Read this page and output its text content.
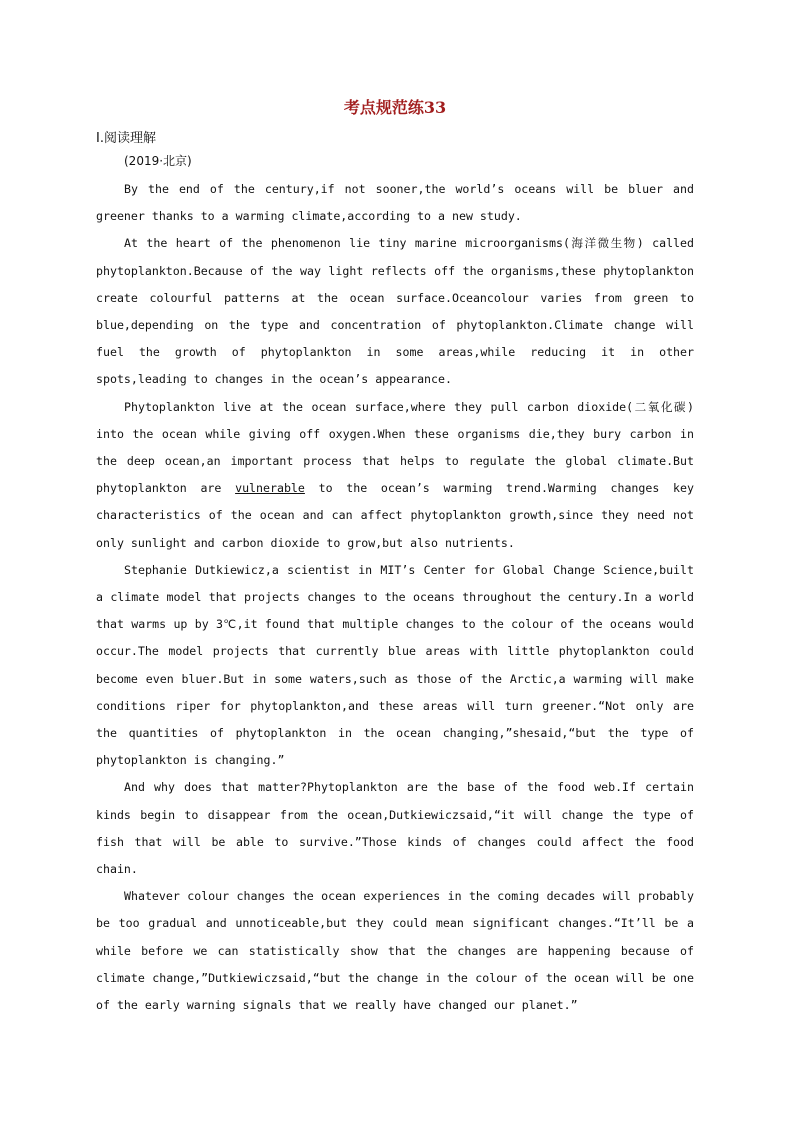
考点规范练33

Ⅰ.阅读理解

(2019·北京)

By the end of the century,if not sooner,the world’s oceans will be bluer and greener thanks to a warming climate,according to a new study.

At the heart of the phenomenon lie tiny marine microorganisms(海洋微生物) called phytoplankton.Because of the way light reflects off the organisms,these phytoplankton create colourful patterns at the ocean surface.Oceancolour varies from green to blue,depending on the type and concentration of phytoplankton.Climate change will fuel the growth of phytoplankton in some areas,while reducing it in other spots,leading to changes in the ocean’s appearance.

Phytoplankton live at the ocean surface,where they pull carbon dioxide(二氧化碳) into the ocean while giving off oxygen.When these organisms die,they bury carbon in the deep ocean,an important process that helps to regulate the global climate.But phytoplankton are vulnerable to the ocean’s warming trend.Warming changes key characteristics of the ocean and can affect phytoplankton growth,since they need not only sunlight and carbon dioxide to grow,but also nutrients.

Stephanie Dutkiewicz,a scientist in MIT’s Center for Global Change Science,built a climate model that projects changes to the oceans throughout the century.In a world that warms up by 3℃,it found that multiple changes to the colour of the oceans would occur.The model projects that currently blue areas with little phytoplankton could become even bluer.But in some waters,such as those of the Arctic,a warming will make conditions riper for phytoplankton,and these areas will turn greener.“Not only are the quantities of phytoplankton in the ocean changing,”shesaid,“but the type of phytoplankton is changing.”

And why does that matter?Phytoplankton are the base of the food web.If certain kinds begin to disappear from the ocean,Dutkiewiczsaid,“it will change the type of fish that will be able to survive.”Those kinds of changes could affect the food chain.

Whatever colour changes the ocean experiences in the coming decades will probably be too gradual and unnoticeable,but they could mean significant changes.“It’ll be a while before we can statistically show that the changes are happening because of climate change,”Dutkiewiczsaid,“but the change in the colour of the ocean will be one of the early warning signals that we really have changed our planet.”
